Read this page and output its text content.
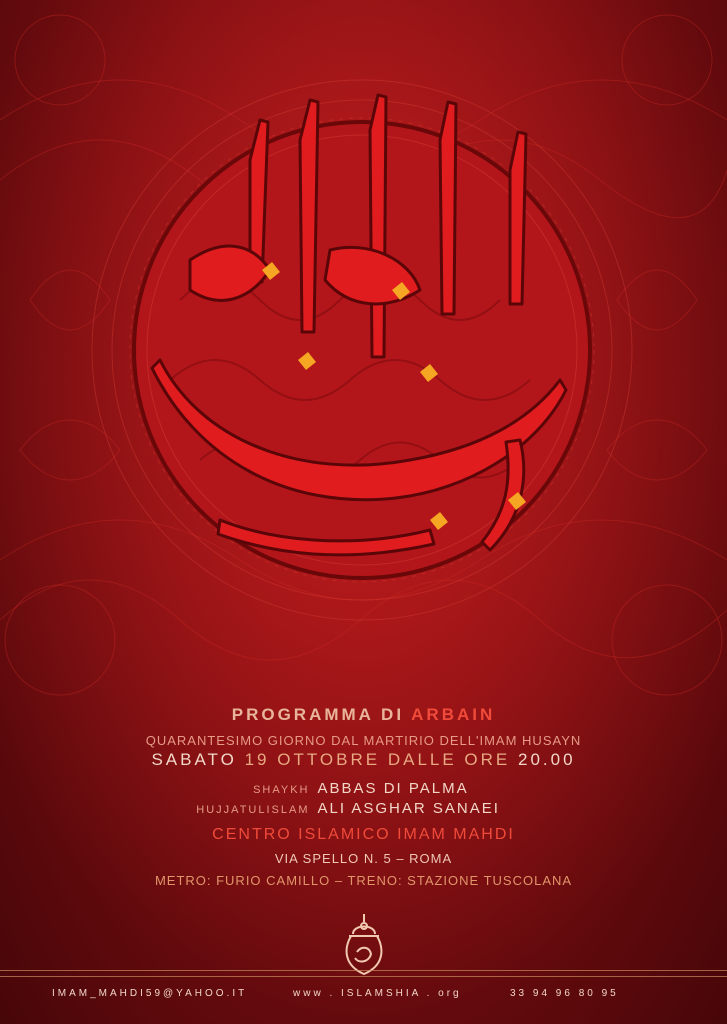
PROGRAMMA DI ARBAIN
QUARANTESIMO GIORNO DAL MARTIRIO DELL'IMAM HUSAYN
SABATO 19 OTTOBRE DALLE ORE 20.00
SHAYKH ABBAS DI PALMA
HUJJATULISLAM ALI ASGHAR SANAEI
CENTRO ISLAMICO IMAM MAHDI
VIA SPELLO N. 5 – ROMA
METRO: FURIO CAMILLO – TRENO: STAZIONE TUSCOLANA
IMAM_MAHDI59@YAHOO.IT	www . ISLAMSHIA . org	33 94 96 80 95
